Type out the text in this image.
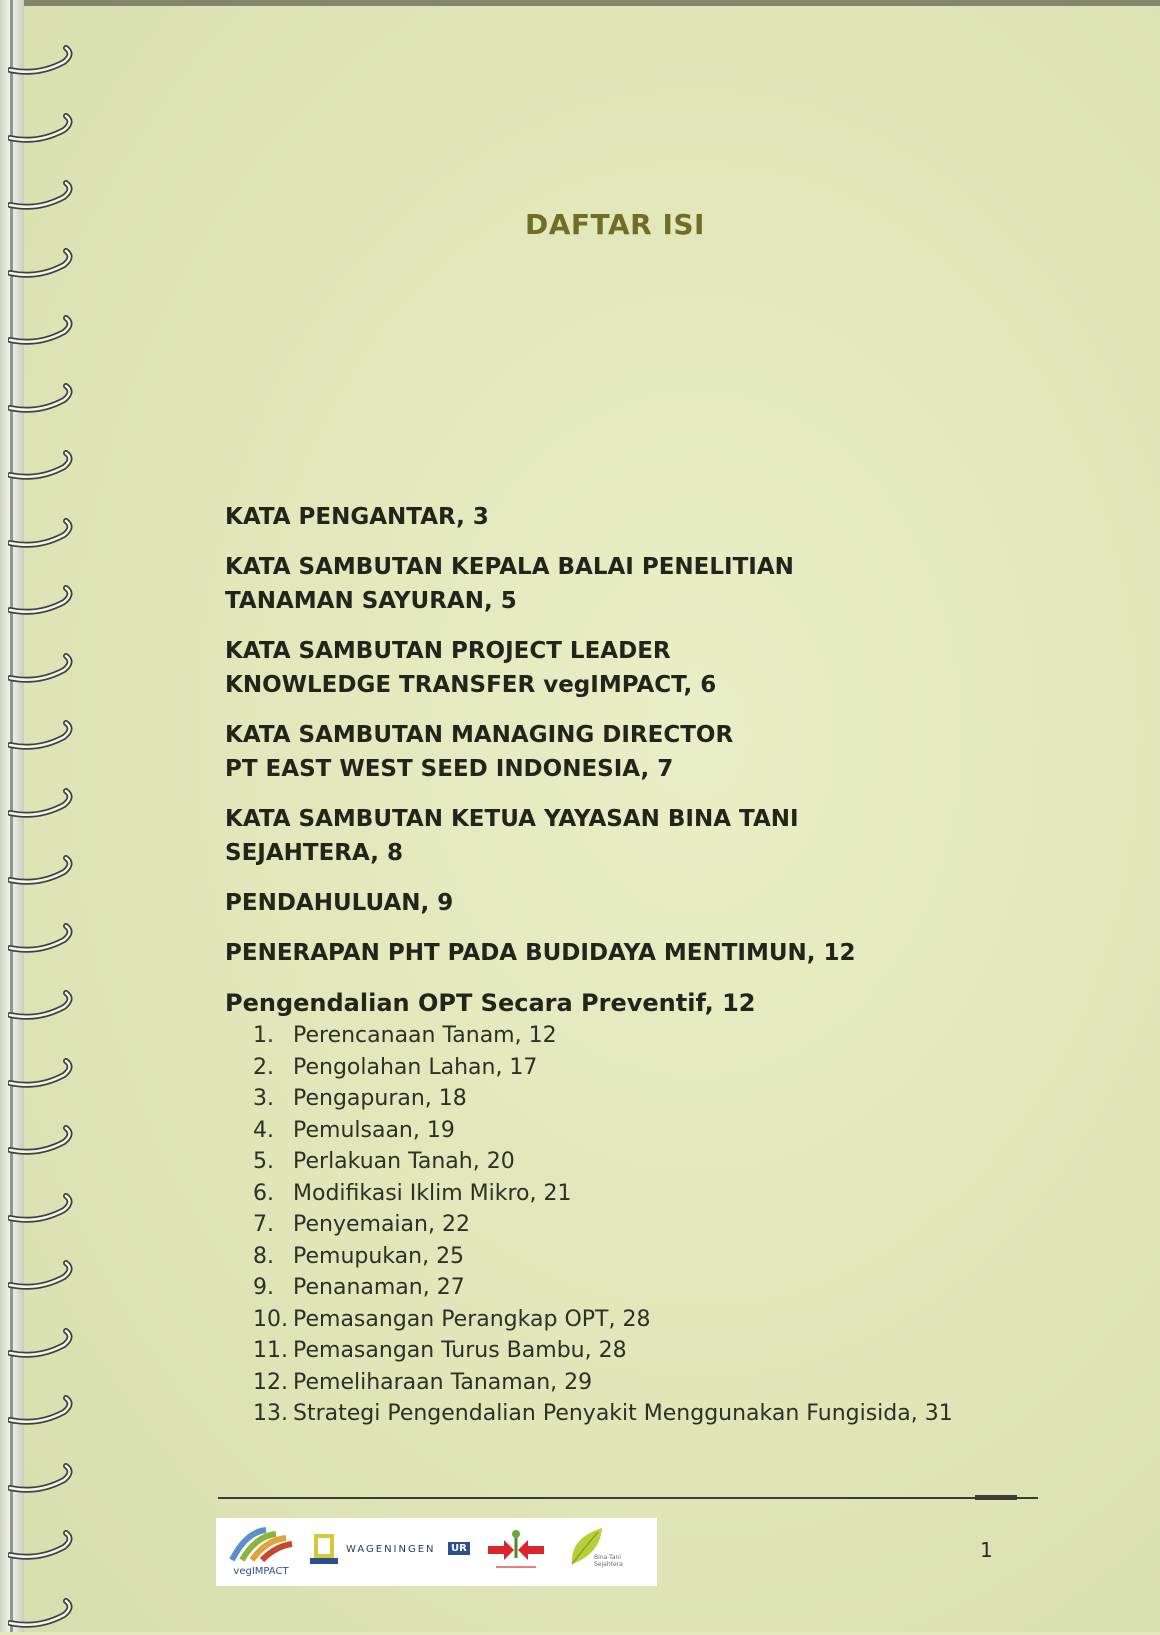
DAFTAR ISI
KATA PENGANTAR, 3
KATA SAMBUTAN KEPALA BALAI PENELITIAN
TANAMAN SAYURAN, 5
KATA SAMBUTAN PROJECT LEADER
KNOWLEDGE TRANSFER vegIMPACT, 6
KATA SAMBUTAN MANAGING DIRECTOR
PT EAST WEST SEED INDONESIA, 7
KATA SAMBUTAN KETUA YAYASAN BINA TANI
SEJAHTERA, 8
PENDAHULUAN, 9
PENERAPAN PHT PADA BUDIDAYA MENTIMUN, 12
Pengendalian OPT Secara Preventif, 12
1. Perencanaan Tanam, 12
2. Pengolahan Lahan, 17
3. Pengapuran, 18
4. Pemulsaan, 19
5. Perlakuan Tanah, 20
6. Modifikasi Iklim Mikro, 21
7. Penyemaian, 22
8. Pemupukan, 25
9. Penanaman, 27
10. Pemasangan Perangkap OPT, 28
11. Pemasangan Turus Bambu, 28
12. Pemeliharaan Tanaman, 29
13. Strategi Pengendalian Penyakit Menggunakan Fungisida, 31
vegIMPACT
WAGENINGEN	UR
Bina Tani Sejahtera
1
